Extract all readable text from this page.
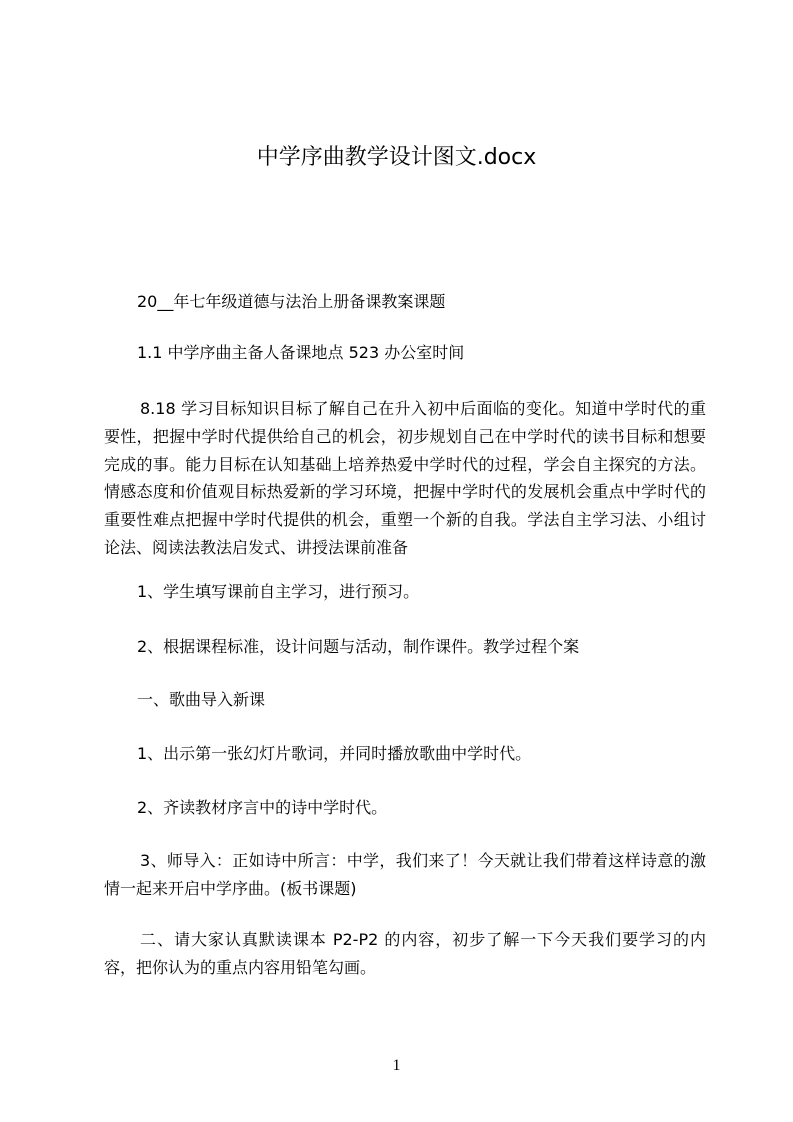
中学序曲教学设计图文.docx

20__年七年级道德与法治上册备课教案课题

1.1 中学序曲主备人备课地点 523 办公室时间

8.18 学习目标知识目标了解自己在升入初中后面临的变化。知道中学时代的重要性，把握中学时代提供给自己的机会，初步规划自己在中学时代的读书目标和想要完成的事。能力目标在认知基础上培养热爱中学时代的过程，学会自主探究的方法。情感态度和价值观目标热爱新的学习环境，把握中学时代的发展机会重点中学时代的重要性难点把握中学时代提供的机会，重塑一个新的自我。学法自主学习法、小组讨论法、阅读法教法启发式、讲授法课前准备

1、学生填写课前自主学习，进行预习。

2、根据课程标准，设计问题与活动，制作课件。教学过程个案

一、歌曲导入新课

1、出示第一张幻灯片歌词，并同时播放歌曲中学时代。

2、齐读教材序言中的诗中学时代。

3、师导入：正如诗中所言：中学，我们来了！今天就让我们带着这样诗意的激情一起来开启中学序曲。(板书课题)

二、请大家认真默读课本 P2-P2 的内容，初步了解一下今天我们要学习的内容，把你认为的重点内容用铅笔勾画。

1
